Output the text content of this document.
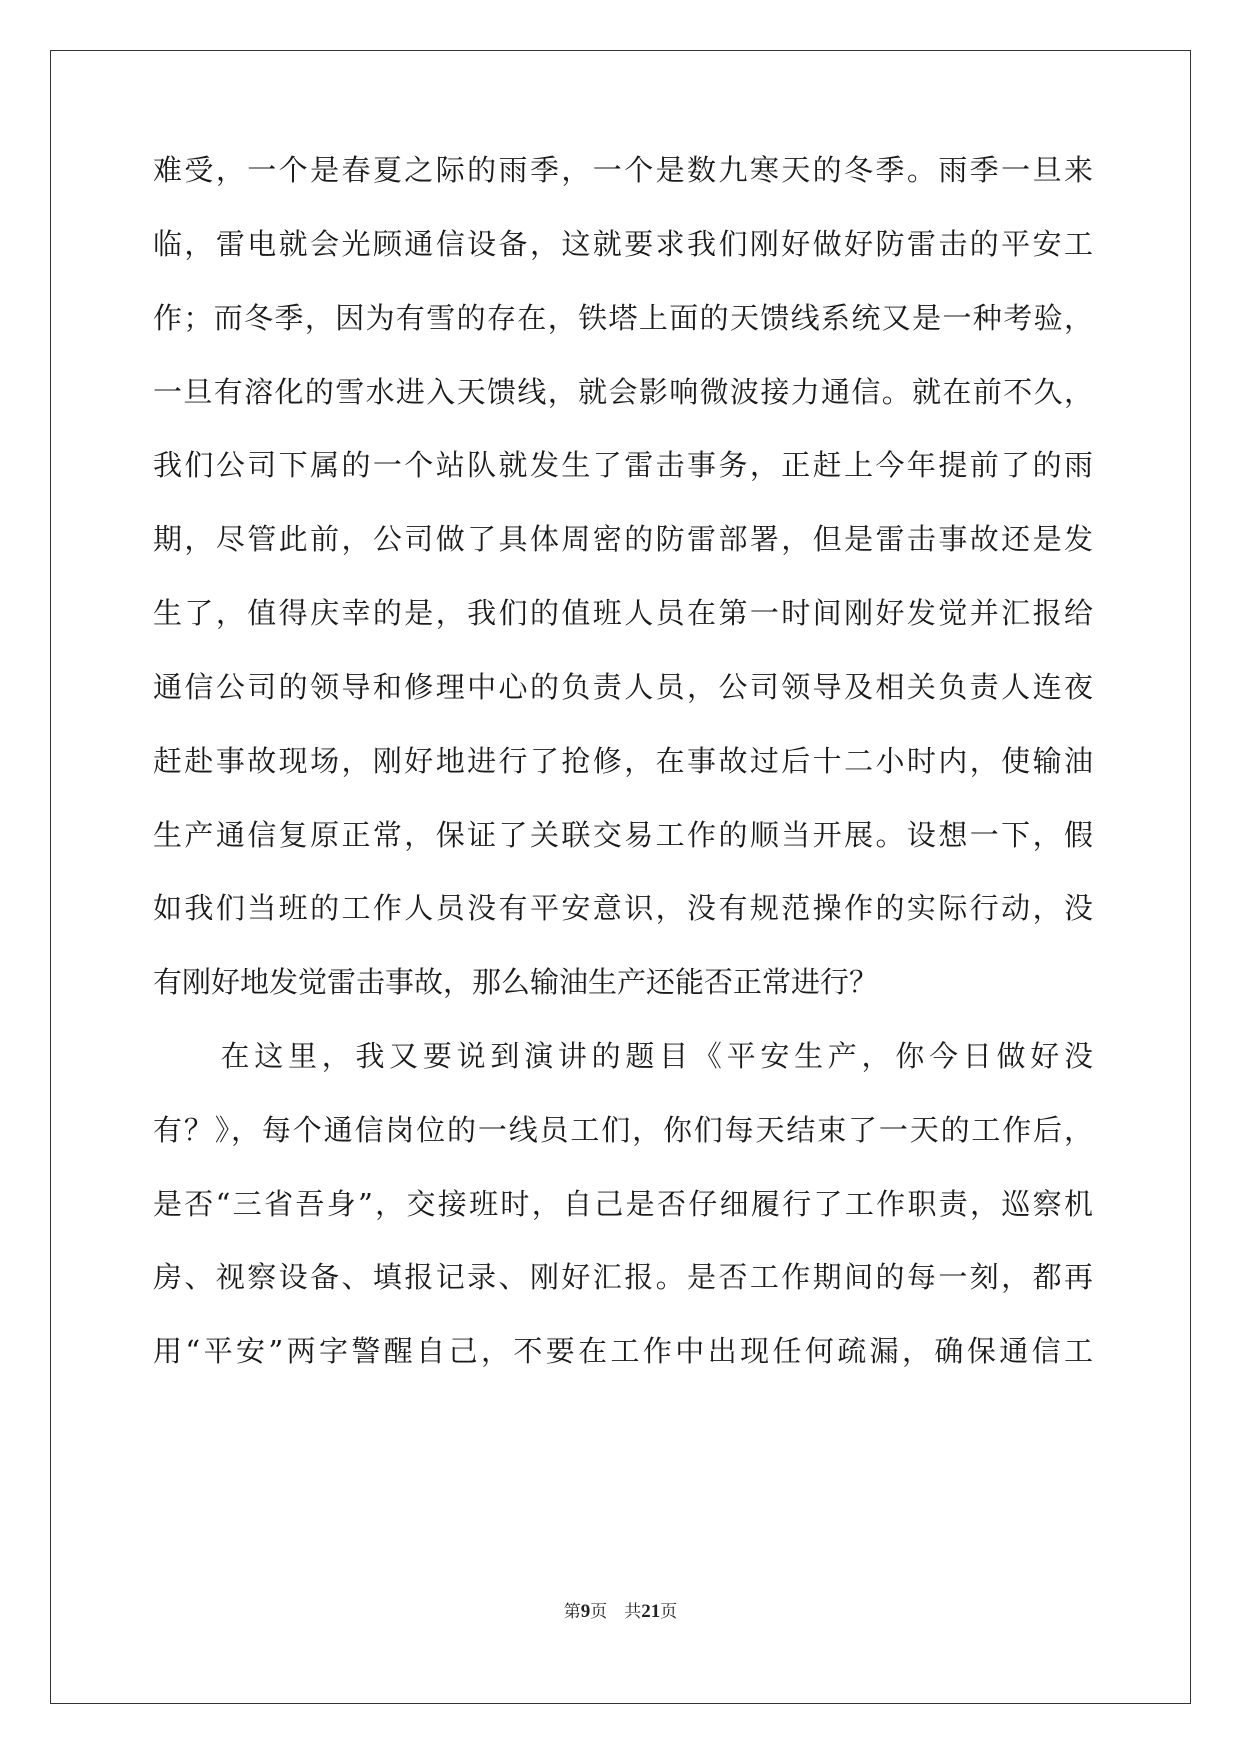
难受，一个是春夏之际的雨季，一个是数九寒天的冬季。雨季一旦来
临，雷电就会光顾通信设备，这就要求我们刚好做好防雷击的平安工
作；而冬季，因为有雪的存在，铁塔上面的天馈线系统又是一种考验，
一旦有溶化的雪水进入天馈线，就会影响微波接力通信。就在前不久，
我们公司下属的一个站队就发生了雷击事务，正赶上今年提前了的雨
期，尽管此前，公司做了具体周密的防雷部署，但是雷击事故还是发
生了，值得庆幸的是，我们的值班人员在第一时间刚好发觉并汇报给
通信公司的领导和修理中心的负责人员，公司领导及相关负责人连夜
赶赴事故现场，刚好地进行了抢修，在事故过后十二小时内，使输油
生产通信复原正常，保证了关联交易工作的顺当开展。设想一下，假
如我们当班的工作人员没有平安意识，没有规范操作的实际行动，没
有刚好地发觉雷击事故，那么输油生产还能否正常进行？
　　在这里，我又要说到演讲的题目《平安生产，你今日做好没
有？》，每个通信岗位的一线员工们，你们每天结束了一天的工作后，
是否“三省吾身”，交接班时，自己是否仔细履行了工作职责，巡察机
房、视察设备、填报记录、刚好汇报。是否工作期间的每一刻，都再
用“平安”两字警醒自己，不要在工作中出现任何疏漏，确保通信工
第9页 共21页
